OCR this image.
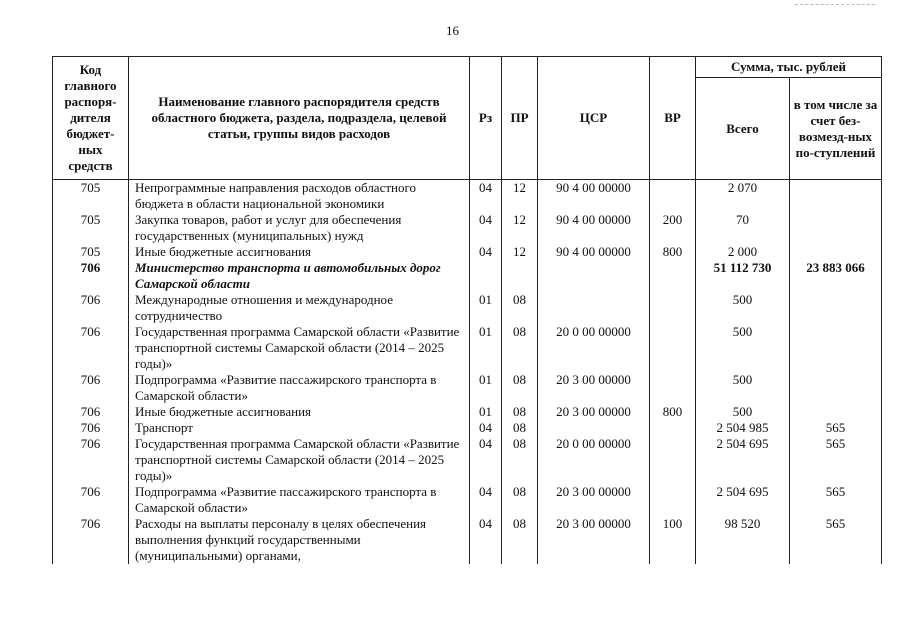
16
Код главного распоря-дителя бюджет-ных средств	Наименование главного распорядителя средств областного бюджета, раздела, подраздела, целевой статьи, группы видов расходов	Рз	ПР	ЦСР	ВР	Сумма, тыс. рублей	
						Всего	в том числе за счет без-возмезд-ных по-ступлений
705	Непрограммные направления расходов областного бюджета в области национальной экономики	04	12	90 4 00 00000		2 070	
705	Закупка товаров, работ и услуг для обеспечения государственных (муниципальных) нужд	04	12	90 4 00 00000	200	70	
705	Иные бюджетные ассигнования	04	12	90 4 00 00000	800	2 000	
706	Министерство транспорта и автомобильных дорог Самарской области					51 112 730	23 883 066
706	Международные отношения и международное сотрудничество	01	08			500	
706	Государственная программа Самарской области «Развитие транспортной системы Самарской области (2014 – 2025 годы)»	01	08	20 0 00 00000		500	
706	Подпрограмма «Развитие пассажирского транспорта в Самарской области»	01	08	20 3 00 00000		500	
706	Иные бюджетные ассигнования	01	08	20 3 00 00000	800	500	
706	Транспорт	04	08			2 504 985	565
706	Государственная программа Самарской области «Развитие транспортной системы Самарской области (2014 – 2025 годы)»	04	08	20 0 00 00000		2 504 695	565
706	Подпрограмма «Развитие пассажирского транспорта в Самарской области»	04	08	20 3 00 00000		2 504 695	565
706	Расходы на выплаты персоналу в целях обеспечения выполнения функций государственными (муниципальными) органами,	04	08	20 3 00 00000	100	98 520	565
